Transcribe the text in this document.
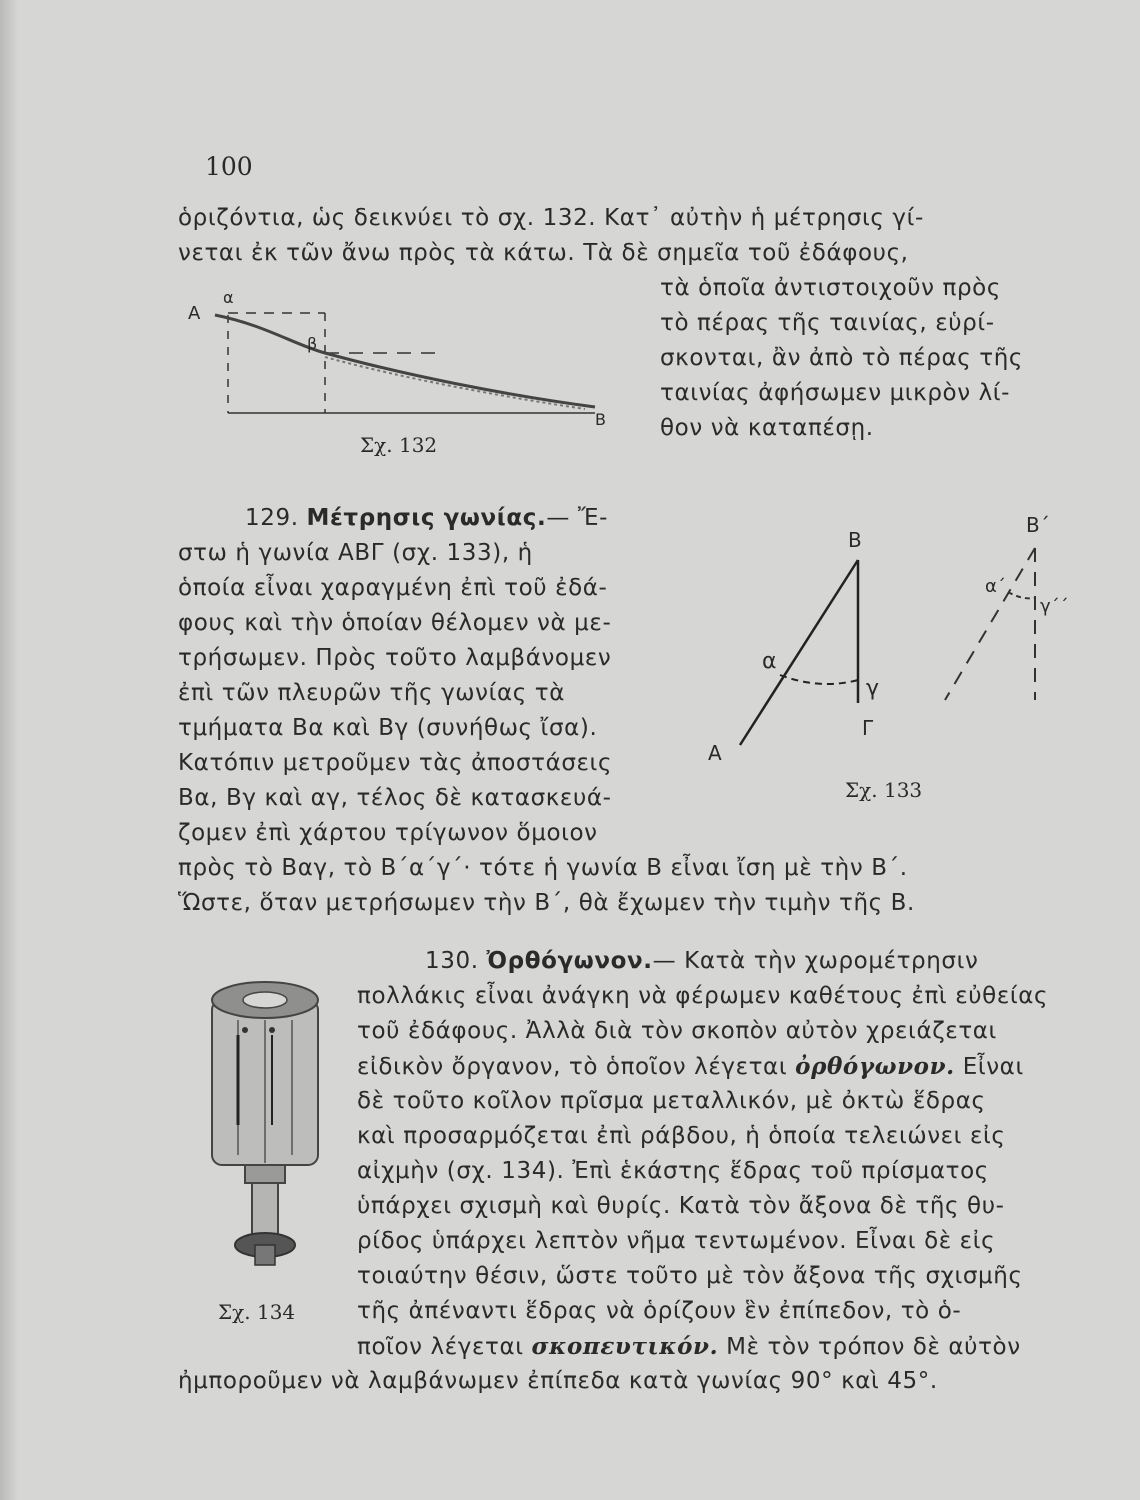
100
ὁριζόντια, ὡς δεικνύει τὸ σχ. 132. Κατ᾽ αὐτὴν ἡ μέτρησις γί-
νεται ἐκ τῶν ἄνω πρὸς τὰ κάτω. Τὰ δὲ σημεῖα τοῦ ἐδάφους,
τὰ ὁποῖα ἀντιστοιχοῦν πρὸς
τὸ πέρας τῆς ταινίας, εὑρί-
σκονται, ἂν ἀπὸ τὸ πέρας τῆς
ταινίας ἀφήσωμεν μικρὸν λί-
θον νὰ καταπέσῃ.
A
α
β
B
Σχ. 132
129. Μέτρησις γωνίας.— Ἔ-
στω ἡ γωνία ΑΒΓ (σχ. 133), ἡ
ὁποία εἶναι χαραγμένη ἐπὶ τοῦ ἐδά-
φους καὶ τὴν ὁποίαν θέλομεν νὰ με-
τρήσωμεν. Πρὸς τοῦτο λαμβάνομεν
ἐπὶ τῶν πλευρῶν τῆς γωνίας τὰ
τμήματα Βα καὶ Βγ (συνήθως ἴσα).
Κατόπιν μετροῦμεν τὰς ἀποστάσεις
Βα, Βγ καὶ αγ, τέλος δὲ κατασκευά-
ζομεν ἐπὶ χάρτου τρίγωνον ὅμοιον
πρὸς τὸ Βαγ, τὸ Β΄α΄γ΄· τότε ἡ γωνία Β εἶναι ἴση μὲ τὴν Β΄.
Ὥστε, ὅταν μετρήσωμεν τὴν Β΄, θὰ ἔχωμεν τὴν τιμὴν τῆς Β.
B
α
γ
Γ
A
B΄
α΄
γ΄΄
Σχ. 133
130. Ὀρθόγωνον.— Κατὰ τὴν χωρομέτρησιν
πολλάκις εἶναι ἀνάγκη νὰ φέρωμεν καθέτους ἐπὶ εὐθείας
τοῦ ἐδάφους. Ἀλλὰ διὰ τὸν σκοπὸν αὐτὸν χρειάζεται
εἰδικὸν ὄργανον, τὸ ὁποῖον λέγεται ὀρθόγωνον. Εἶναι
δὲ τοῦτο κοῖλον πρῖσμα μεταλλικόν, μὲ ὀκτὼ ἕδρας
καὶ προσαρμόζεται ἐπὶ ράβδου, ἡ ὁποία τελειώνει εἰς
αἰχμὴν (σχ. 134). Ἐπὶ ἑκάστης ἕδρας τοῦ πρίσματος
ὑπάρχει σχισμὴ καὶ θυρίς. Κατὰ τὸν ἄξονα δὲ τῆς θυ-
ρίδος ὑπάρχει λεπτὸν νῆμα τεντωμένον. Εἶναι δὲ εἰς
τοιαύτην θέσιν, ὥστε τοῦτο μὲ τὸν ἄξονα τῆς σχισμῆς
τῆς ἀπέναντι ἕδρας νὰ ὁρίζουν ἓν ἐπίπεδον, τὸ ὁ-
ποῖον λέγεται σκοπευτικόν. Μὲ τὸν τρόπον δὲ αὐτὸν
ἠμποροῦμεν νὰ λαμβάνωμεν ἐπίπεδα κατὰ γωνίας 90° καὶ 45°.
Σχ. 134
